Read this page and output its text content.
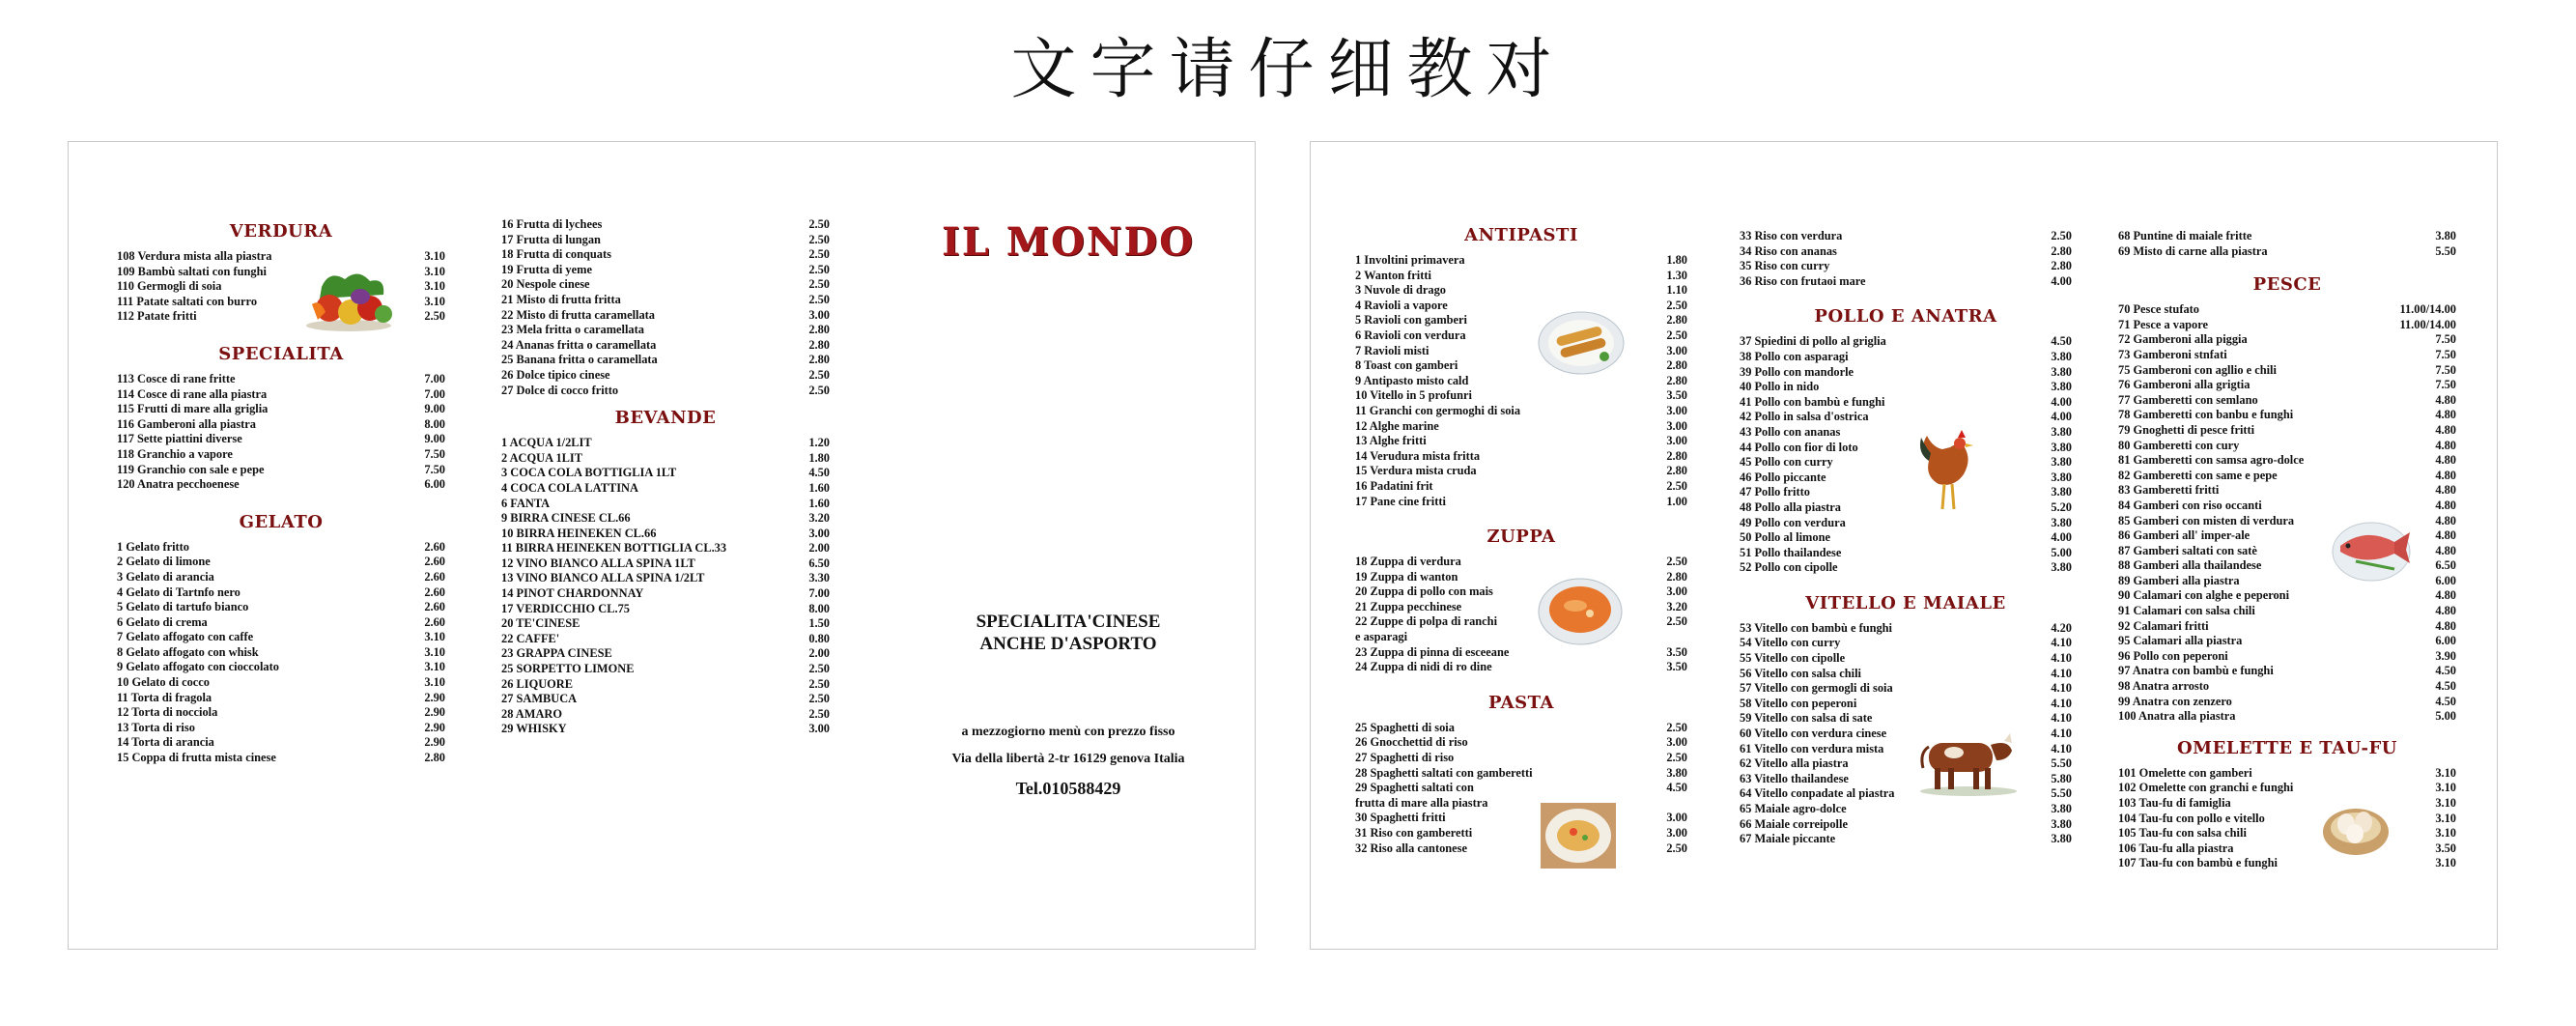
文字请仔细教对
VERDURA
108 Verdura mista alla piastra	3.10
109 Bambù saltati con funghi	3.10
110 Germogli di soia	3.10
111 Patate saltati con burro	3.10
112 Patate fritti	2.50
SPECIALITA
113 Cosce di rane fritte	7.00
114 Cosce di rane alla piastra	7.00
115 Frutti di mare alla griglia	9.00
116 Gamberoni alla piastra	8.00
117 Sette piattini diverse	9.00
118 Granchio a vapore	7.50
119 Granchio con sale e pepe	7.50
120 Anatra pecchoenese	6.00
GELATO
1 Gelato fritto	2.60
2 Gelato di limone	2.60
3 Gelato di arancia	2.60
4 Gelato di Tartnfo nero	2.60
5 Gelato di tartufo bianco	2.60
6 Gelato di crema	2.60
7 Gelato affogato con caffe	3.10
8 Gelato affogato con whisk	3.10
9 Gelato affogato con cioccolato	3.10
10 Gelato di cocco	3.10
11 Torta di fragola	2.90
12 Torta di nocciola	2.90
13 Torta di riso	2.90
14 Torta di arancia	2.90
15 Coppa di frutta mista cinese	2.80
16 Frutta di lychees	2.50
17 Frutta di lungan	2.50
18 Frutta di conquats	2.50
19 Frutta di yeme	2.50
20 Nespole cinese	2.50
21 Misto di frutta fritta	2.50
22 Misto di frutta caramellata	3.00
23 Mela fritta o caramellata	2.80
24 Ananas fritta o caramellata	2.80
25 Banana fritta o caramellata	2.80
26 Dolce tipico cinese	2.50
27 Dolce di cocco fritto	2.50
BEVANDE
1 ACQUA 1/2LIT	1.20
2 ACQUA 1LIT	1.80
3 COCA COLA BOTTIGLIA 1LT	4.50
4 COCA COLA LATTINA	1.60
6 FANTA	1.60
9 BIRRA CINESE CL.66	3.20
10 BIRRA HEINEKEN CL.66	3.00
11 BIRRA HEINEKEN BOTTIGLIA CL.33	2.00
12 VINO BIANCO ALLA SPINA 1LT	6.50
13 VINO BIANCO ALLA SPINA 1/2LT	3.30
14 PINOT CHARDONNAY	7.00
17 VERDICCHIO CL.75	8.00
20 TE'CINESE	1.50
22 CAFFE'	0.80
23 GRAPPA CINESE	2.00
25 SORPETTO LIMONE	2.50
26 LIQUORE	2.50
27 SAMBUCA	2.50
28 AMARO	2.50
29 WHISKY	3.00
IL MONDO
SPECIALITA'CINESE
ANCHE D'ASPORTO
a mezzogiorno menù con prezzo fisso
Via della libertà 2-tr 16129 genova Italia
Tel.010588429
ANTIPASTI
1 Involtini primavera	1.80
2 Wanton fritti	1.30
3 Nuvole di drago	1.10
4 Ravioli a vapore	2.50
5 Ravioli con gamberi	2.80
6 Ravioli con verdura	2.50
7 Ravioli misti	3.00
8 Toast con gamberi	2.80
9 Antipasto misto cald	2.80
10 Vitello in 5 profunri	3.50
11 Granchi con germoghi di soia	3.00
12 Alghe marine	3.00
13 Alghe fritti	3.00
14 Verudura mista fritta	2.80
15 Verdura mista cruda	2.80
16 Padatini frit	2.50
17 Pane cine fritti	1.00
ZUPPA
18 Zuppa di verdura	2.50
19 Zuppa di wanton	2.80
20 Zuppa di pollo con mais	3.00
21 Zuppa pecchinese	3.20
22 Zuppe di polpa di ranchi
e asparagi
2.50
23 Zuppa di pinna di esceeane	3.50
24 Zuppa di nidi di ro dine	3.50
PASTA
25 Spaghetti di soia	2.50
26 Gnocchettid di riso	3.00
27 Spaghetti di riso	2.50
28 Spaghetti saltati con gamberetti	3.80
29 Spaghetti saltati con
frutta di mare alla piastra
4.50
30 Spaghetti fritti	3.00
31 Riso con gamberetti	3.00
32 Riso alla cantonese	2.50
33 Riso con verdura	2.50
34 Riso con ananas	2.80
35 Riso con curry	2.80
36 Riso con frutaoi mare	4.00
POLLO E ANATRA
37 Spiedini di pollo al griglia	4.50
38 Pollo con asparagi	3.80
39 Pollo con mandorle	3.80
40 Pollo in nido	3.80
41 Pollo con bambù e funghi	4.00
42 Pollo in salsa d'ostrica	4.00
43 Pollo con ananas	3.80
44 Pollo con fior di loto	3.80
45 Pollo con curry	3.80
46 Pollo piccante	3.80
47 Pollo fritto	3.80
48 Pollo alla piastra	5.20
49 Pollo con verdura	3.80
50 Pollo al limone	4.00
51 Pollo thailandese	5.00
52 Pollo con cipolle	3.80
VITELLO E MAIALE
53 Vitello con bambù e funghi	4.20
54 Vitello con curry	4.10
55 Vitello con cipolle	4.10
56 Vitello con salsa chili	4.10
57 Vitello con germogli di soia	4.10
58 Vitello con peperoni	4.10
59 Vitello con salsa di sate	4.10
60 Vitello con verdura cinese	4.10
61 Vitello con verdura mista	4.10
62 Vitello alla piastra	5.50
63 Vitello thailandese	5.80
64 Vitello conpadate al piastra	5.50
65 Maiale agro-dolce	3.80
66 Maiale correipolle	3.80
67 Maiale piccante	3.80
68 Puntine di maiale fritte	3.80
69 Misto di carne alla piastra	5.50
PESCE
70 Pesce stufato	11.00/14.00
71 Pesce a vapore	11.00/14.00
72 Gamberoni alla piggia	7.50
73 Gamberoni stnfati	7.50
75 Gamberoni con agllio e chili	7.50
76 Gamberoni alla grigtia	7.50
77 Gamberetti con semlano	4.80
78 Gamberetti con banbu e funghi	4.80
79 Gnoghetti di pesce fritti	4.80
80 Gamberetti con cury	4.80
81 Gamberetti con samsa agro-dolce	4.80
82 Gamberetti con same e pepe	4.80
83 Gamberetti fritti	4.80
84 Gamberi con riso occanti	4.80
85 Gamberi con misten di verdura	4.80
86 Gamberi all' imper-ale	4.80
87 Gamberi saltati con satè	4.80
88 Gamberi alla thailandese	6.50
89 Gamberi alla piastra	6.00
90 Calamari con alghe e peperoni	4.80
91 Calamari con salsa chili	4.80
92 Calamari fritti	4.80
95 Calamari alla piastra	6.00
96 Pollo con peperoni	3.90
97 Anatra con bambù e funghi	4.50
98 Anatra arrosto	4.50
99 Anatra con zenzero	4.50
100 Anatra alla piastra	5.00
OMELETTE E TAU-FU
101 Omelette con gamberi	3.10
102 Omelette con granchi e funghi	3.10
103 Tau-fu di famiglia	3.10
104 Tau-fu con pollo e vitello	3.10
105 Tau-fu con salsa chili	3.10
106 Tau-fu alla piastra	3.50
107 Tau-fu con bambù e funghi	3.10
